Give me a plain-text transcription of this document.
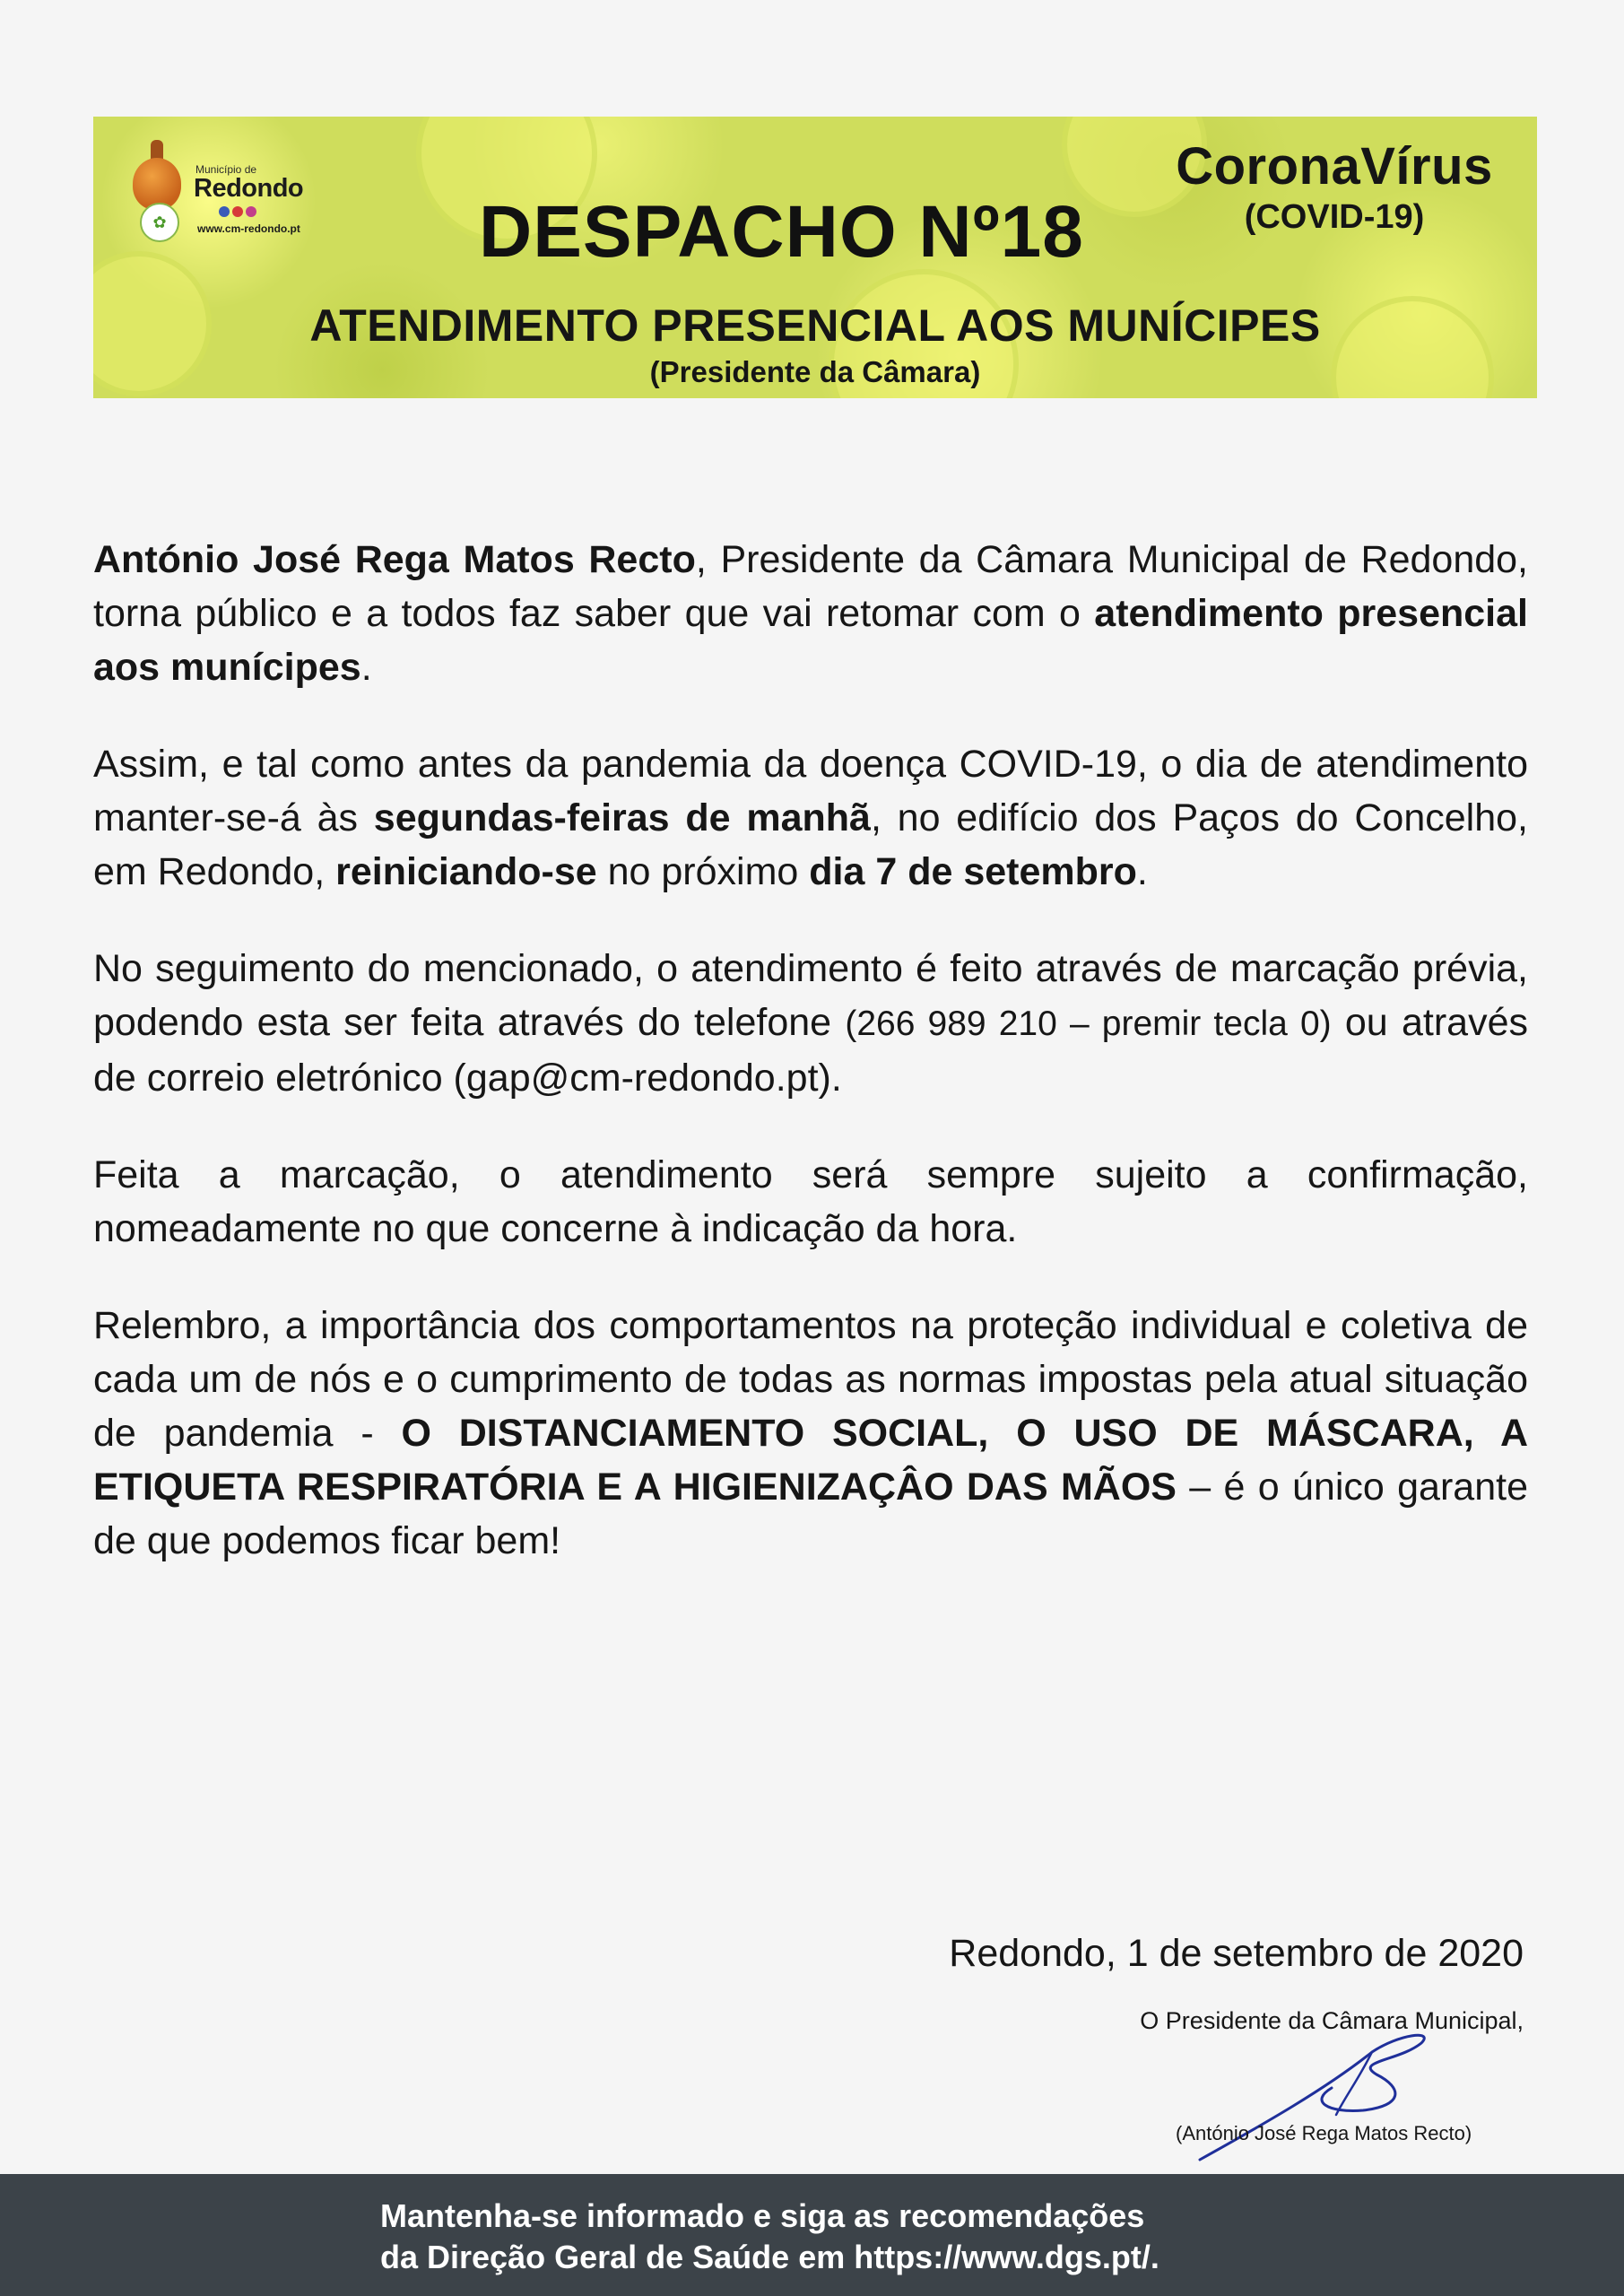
✿
Município de
Redondo
www.cm-redondo.pt
CoronaVírus
(COVID-19)
DESPACHO Nº18
ATENDIMENTO PRESENCIAL AOS MUNÍCIPES
(Presidente da Câmara)

António José Rega Matos Recto, Presidente da Câmara Municipal de Redondo, torna público e a todos faz saber que vai retomar com o atendimento presencial aos munícipes.

Assim, e tal como antes da pandemia da doença COVID-19, o dia de atendimento manter-se-á às segundas-feiras de manhã, no edifício dos Paços do Concelho, em Redondo, reiniciando-se no próximo dia 7 de setembro.

No seguimento do mencionado, o atendimento é feito através de marcação prévia, podendo esta ser feita através do telefone (266 989 210 – premir tecla 0) ou através de correio eletrónico (gap@cm-redondo.pt).

Feita a marcação, o atendimento será sempre sujeito a confirmação, nomeadamente no que concerne à indicação da hora.

Relembro, a importância dos comportamentos na proteção individual e coletiva de cada um de nós e o cumprimento de todas as normas impostas pela atual situação de pandemia - O DISTANCIAMENTO SOCIAL, O USO DE MÁSCARA, A ETIQUETA RESPIRATÓRIA E A HIGIENIZAÇÂO DAS MÃOS – é o único garante de que podemos ficar bem!

Redondo, 1 de setembro de 2020
O Presidente da Câmara Municipal,
(António José Rega Matos Recto)
Mantenha-se informado e siga as recomendações
da Direção Geral de Saúde em https://www.dgs.pt/.
